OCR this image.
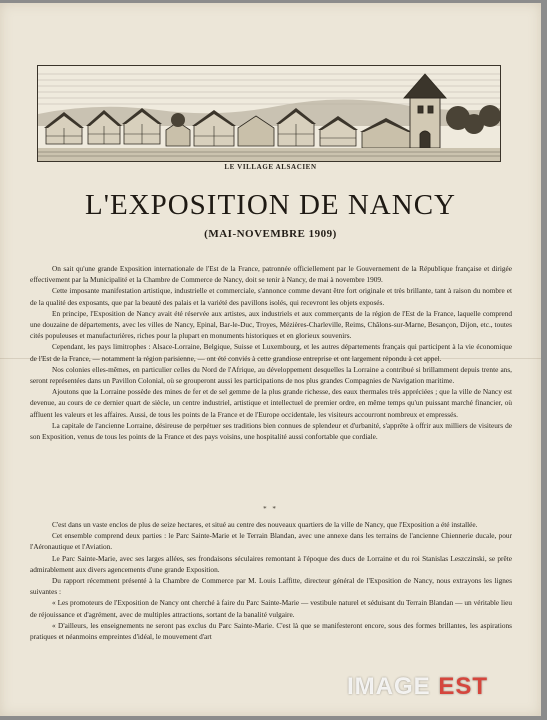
LE VILLAGE ALSACIEN
L'EXPOSITION DE NANCY
(MAI-NOVEMBRE 1909)

On sait qu'une grande Exposition internationale de l'Est de la France, patronnée officiellement par le Gouvernement de la République française et dirigée effectivement par la Municipalité et la Chambre de Commerce de Nancy, doit se tenir à Nancy, de mai à novembre 1909.

Cette imposante manifestation artistique, industrielle et commerciale, s'annonce comme devant être fort originale et très brillante, tant à raison du nombre et de la qualité des exposants, que par la beauté des palais et la variété des pavillons isolés, qui recevront les objets exposés.

En principe, l'Exposition de Nancy avait été réservée aux artistes, aux industriels et aux commerçants de la région de l'Est de la France, laquelle comprend une douzaine de départements, avec les villes de Nancy, Epinal, Bar-le-Duc, Troyes, Mézières-Charleville, Reims, Châlons-sur-Marne, Besançon, Dijon, etc., toutes cités populeuses et manufacturières, riches pour la plupart en monuments historiques et en glorieux souvenirs.

Cependant, les pays limitrophes : Alsace-Lorraine, Belgique, Suisse et Luxembourg, et les autres départements français qui participent à la vie économique de l'Est de la France, — notamment la région parisienne, — ont été conviés à cette grandiose entreprise et ont largement répondu à cet appel.

Nos colonies elles-mêmes, en particulier celles du Nord de l'Afrique, au développement desquelles la Lorraine a contribué si brillamment depuis trente ans, seront représentées dans un Pavillon Colonial, où se grouperont aussi les participations de nos plus grandes Compagnies de Navigation maritime.

Ajoutons que la Lorraine possède des mines de fer et de sel gemme de la plus grande richesse, des eaux thermales très appréciées ; que la ville de Nancy est devenue, au cours de ce dernier quart de siècle, un centre industriel, artistique et intellectuel de premier ordre, en même temps qu'un puissant marché financier, où affluent les valeurs et les affaires. Aussi, de tous les points de la France et de l'Europe occidentale, les visiteurs accourront nombreux et empressés.

La capitale de l'ancienne Lorraine, désireuse de perpétuer ses traditions bien connues de splendeur et d'urbanité, s'apprête à offrir aux milliers de visiteurs de son Exposition, venus de tous les points de la France et des pays voisins, une hospitalité aussi confortable que cordiale.

* *

C'est dans un vaste enclos de plus de seize hectares, et situé au centre des nouveaux quartiers de la ville de Nancy, que l'Exposition a été installée.

Cet ensemble comprend deux parties : le Parc Sainte-Marie et le Terrain Blandan, avec une annexe dans les terrains de l'ancienne Chiennerie ducale, pour l'Aéronautique et l'Aviation.

Le Parc Sainte-Marie, avec ses larges allées, ses frondaisons séculaires remontant à l'époque des ducs de Lorraine et du roi Stanislas Leszczinski, se prête admirablement aux divers agencements d'une grande Exposition.

Du rapport récemment présenté à la Chambre de Commerce par M. Louis Laffitte, directeur général de l'Exposition de Nancy, nous extrayons les lignes suivantes :

« Les promoteurs de l'Exposition de Nancy ont cherché à faire du Parc Sainte-Marie — vestibule naturel et séduisant du Terrain Blandan — un véritable lieu de réjouissance et d'agrément, avec de multiples attractions, sortant de la banalité vulgaire.

« D'ailleurs, les enseignements ne seront pas exclus du Parc Sainte-Marie. C'est là que se manifesteront encore, sous des formes brillantes, les aspirations pratiques et néanmoins empreintes d'idéal, le mouvement d'art

IMAGE EST
